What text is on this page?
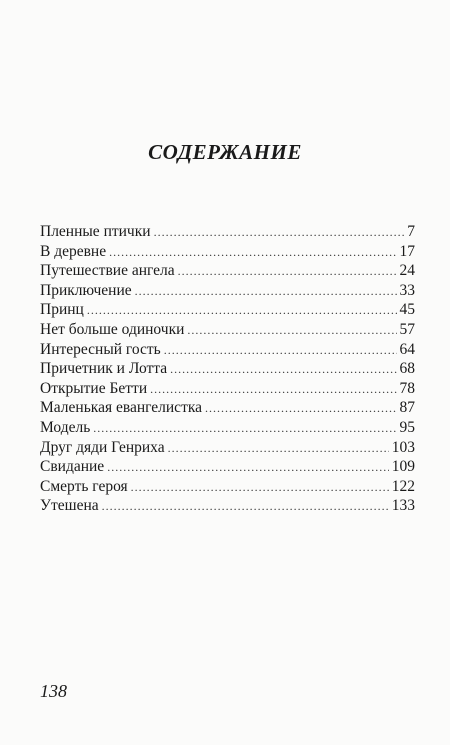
СОДЕРЖАНИЕ
Пленные птички .....	7
В деревне .....	17
Путешествие ангела .....	24
Приключение .....	33
Принц .....	45
Нет больше одиночки .....	57
Интересный гость .....	64
Причетник и Лотта .....	68
Открытие Бетти .....	78
Маленькая евангелистка .....	87
Модель .....	95
Друг дяди Генриха .....	103
Свидание .....	109
Смерть героя .....	122
Утешена .....	133
138
